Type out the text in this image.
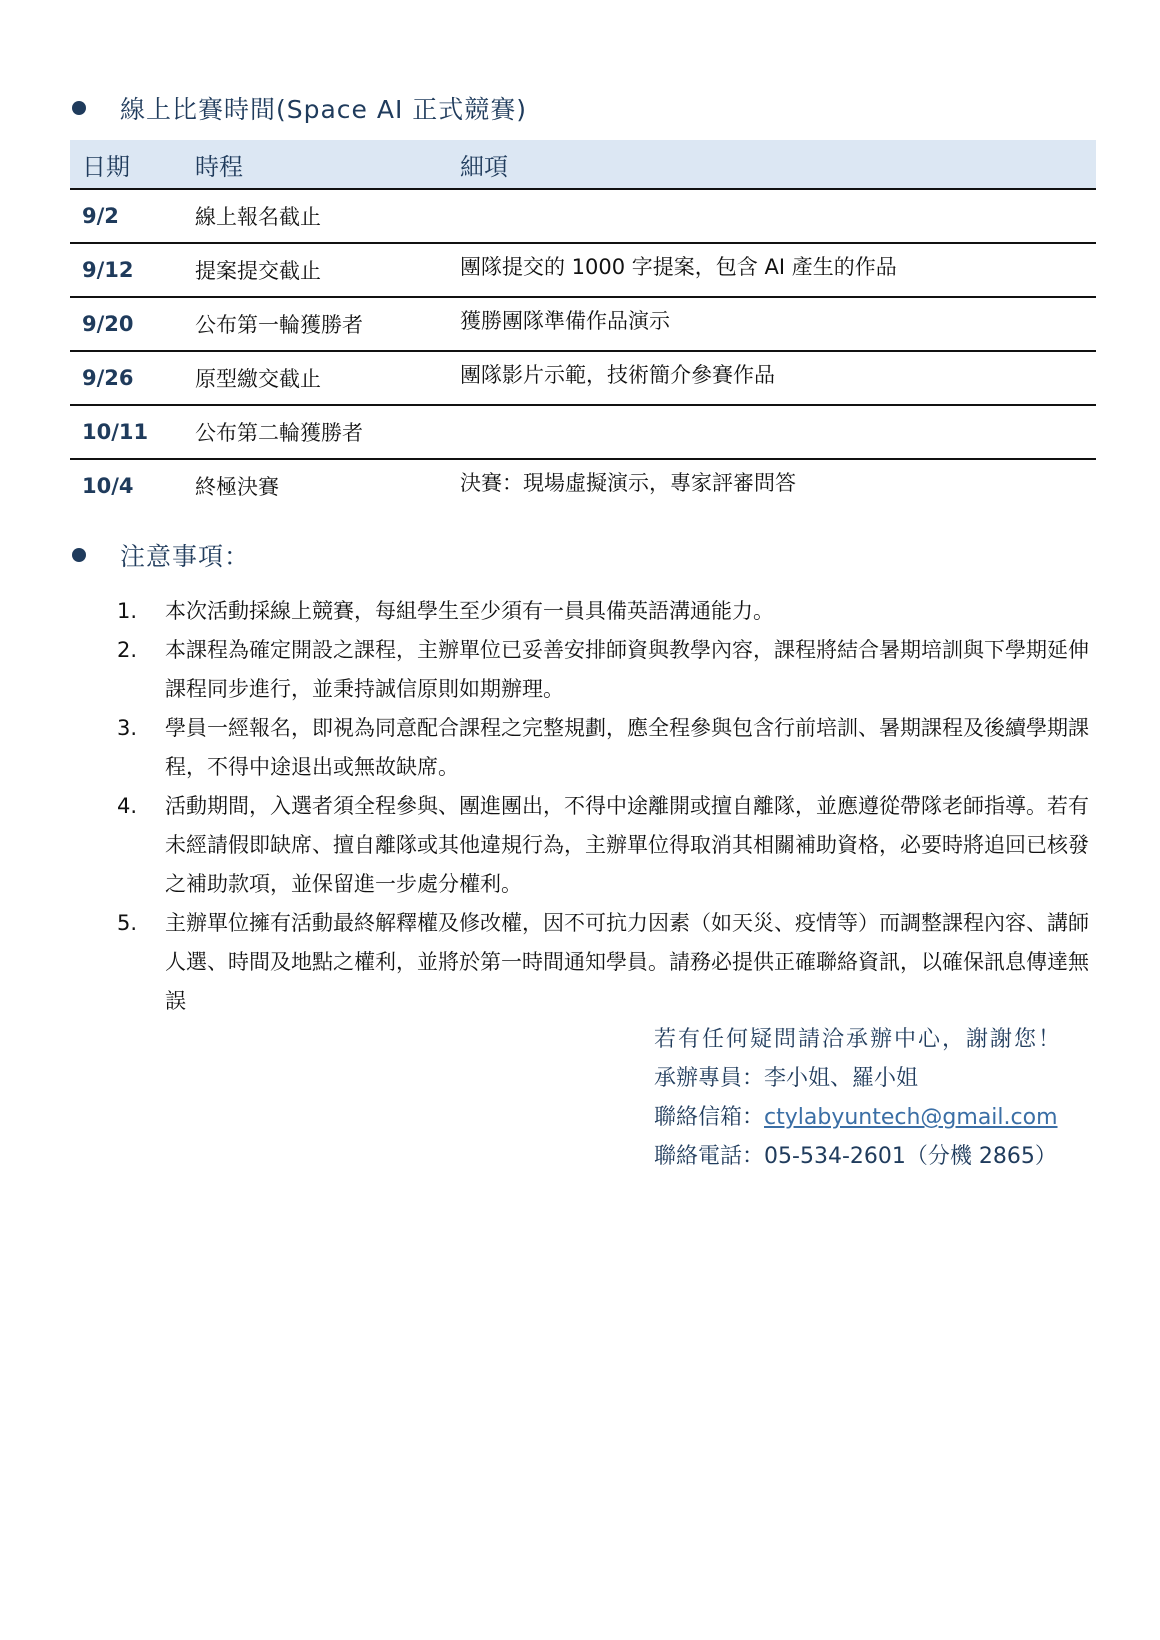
線上比賽時間(Space AI 正式競賽)
日期	時程	細項
9/2	線上報名截止	
9/12	提案提交截止	團隊提交的 1000 字提案，包含 AI 產生的作品
9/20	公布第一輪獲勝者	獲勝團隊準備作品演示
9/26	原型繳交截止	團隊影片示範，技術簡介參賽作品
10/11	公布第二輪獲勝者	
10/4	終極決賽	決賽：現場虛擬演示，專家評審問答
注意事項：
1. 本次活動採線上競賽，每組學生至少須有一員具備英語溝通能力。
2. 本課程為確定開設之課程，主辦單位已妥善安排師資與教學內容，課程將結合暑期培訓與下學期延伸課程同步進行，並秉持誠信原則如期辦理。
3. 學員一經報名，即視為同意配合課程之完整規劃，應全程參與包含行前培訓、暑期課程及後續學期課程，不得中途退出或無故缺席。
4. 活動期間，入選者須全程參與、團進團出，不得中途離開或擅自離隊，並應遵從帶隊老師指導。若有未經請假即缺席、擅自離隊或其他違規行為，主辦單位得取消其相關補助資格，必要時將追回已核發之補助款項，並保留進一步處分權利。
5. 主辦單位擁有活動最終解釋權及修改權，因不可抗力因素（如天災、疫情等）而調整課程內容、講師人選、時間及地點之權利，並將於第一時間通知學員。請務必提供正確聯絡資訊，以確保訊息傳達無誤
若有任何疑問請洽承辦中心，謝謝您！
承辦專員：李小姐、羅小姐
聯絡信箱：ctylabyuntech@gmail.com
聯絡電話：05-534-2601（分機 2865）
